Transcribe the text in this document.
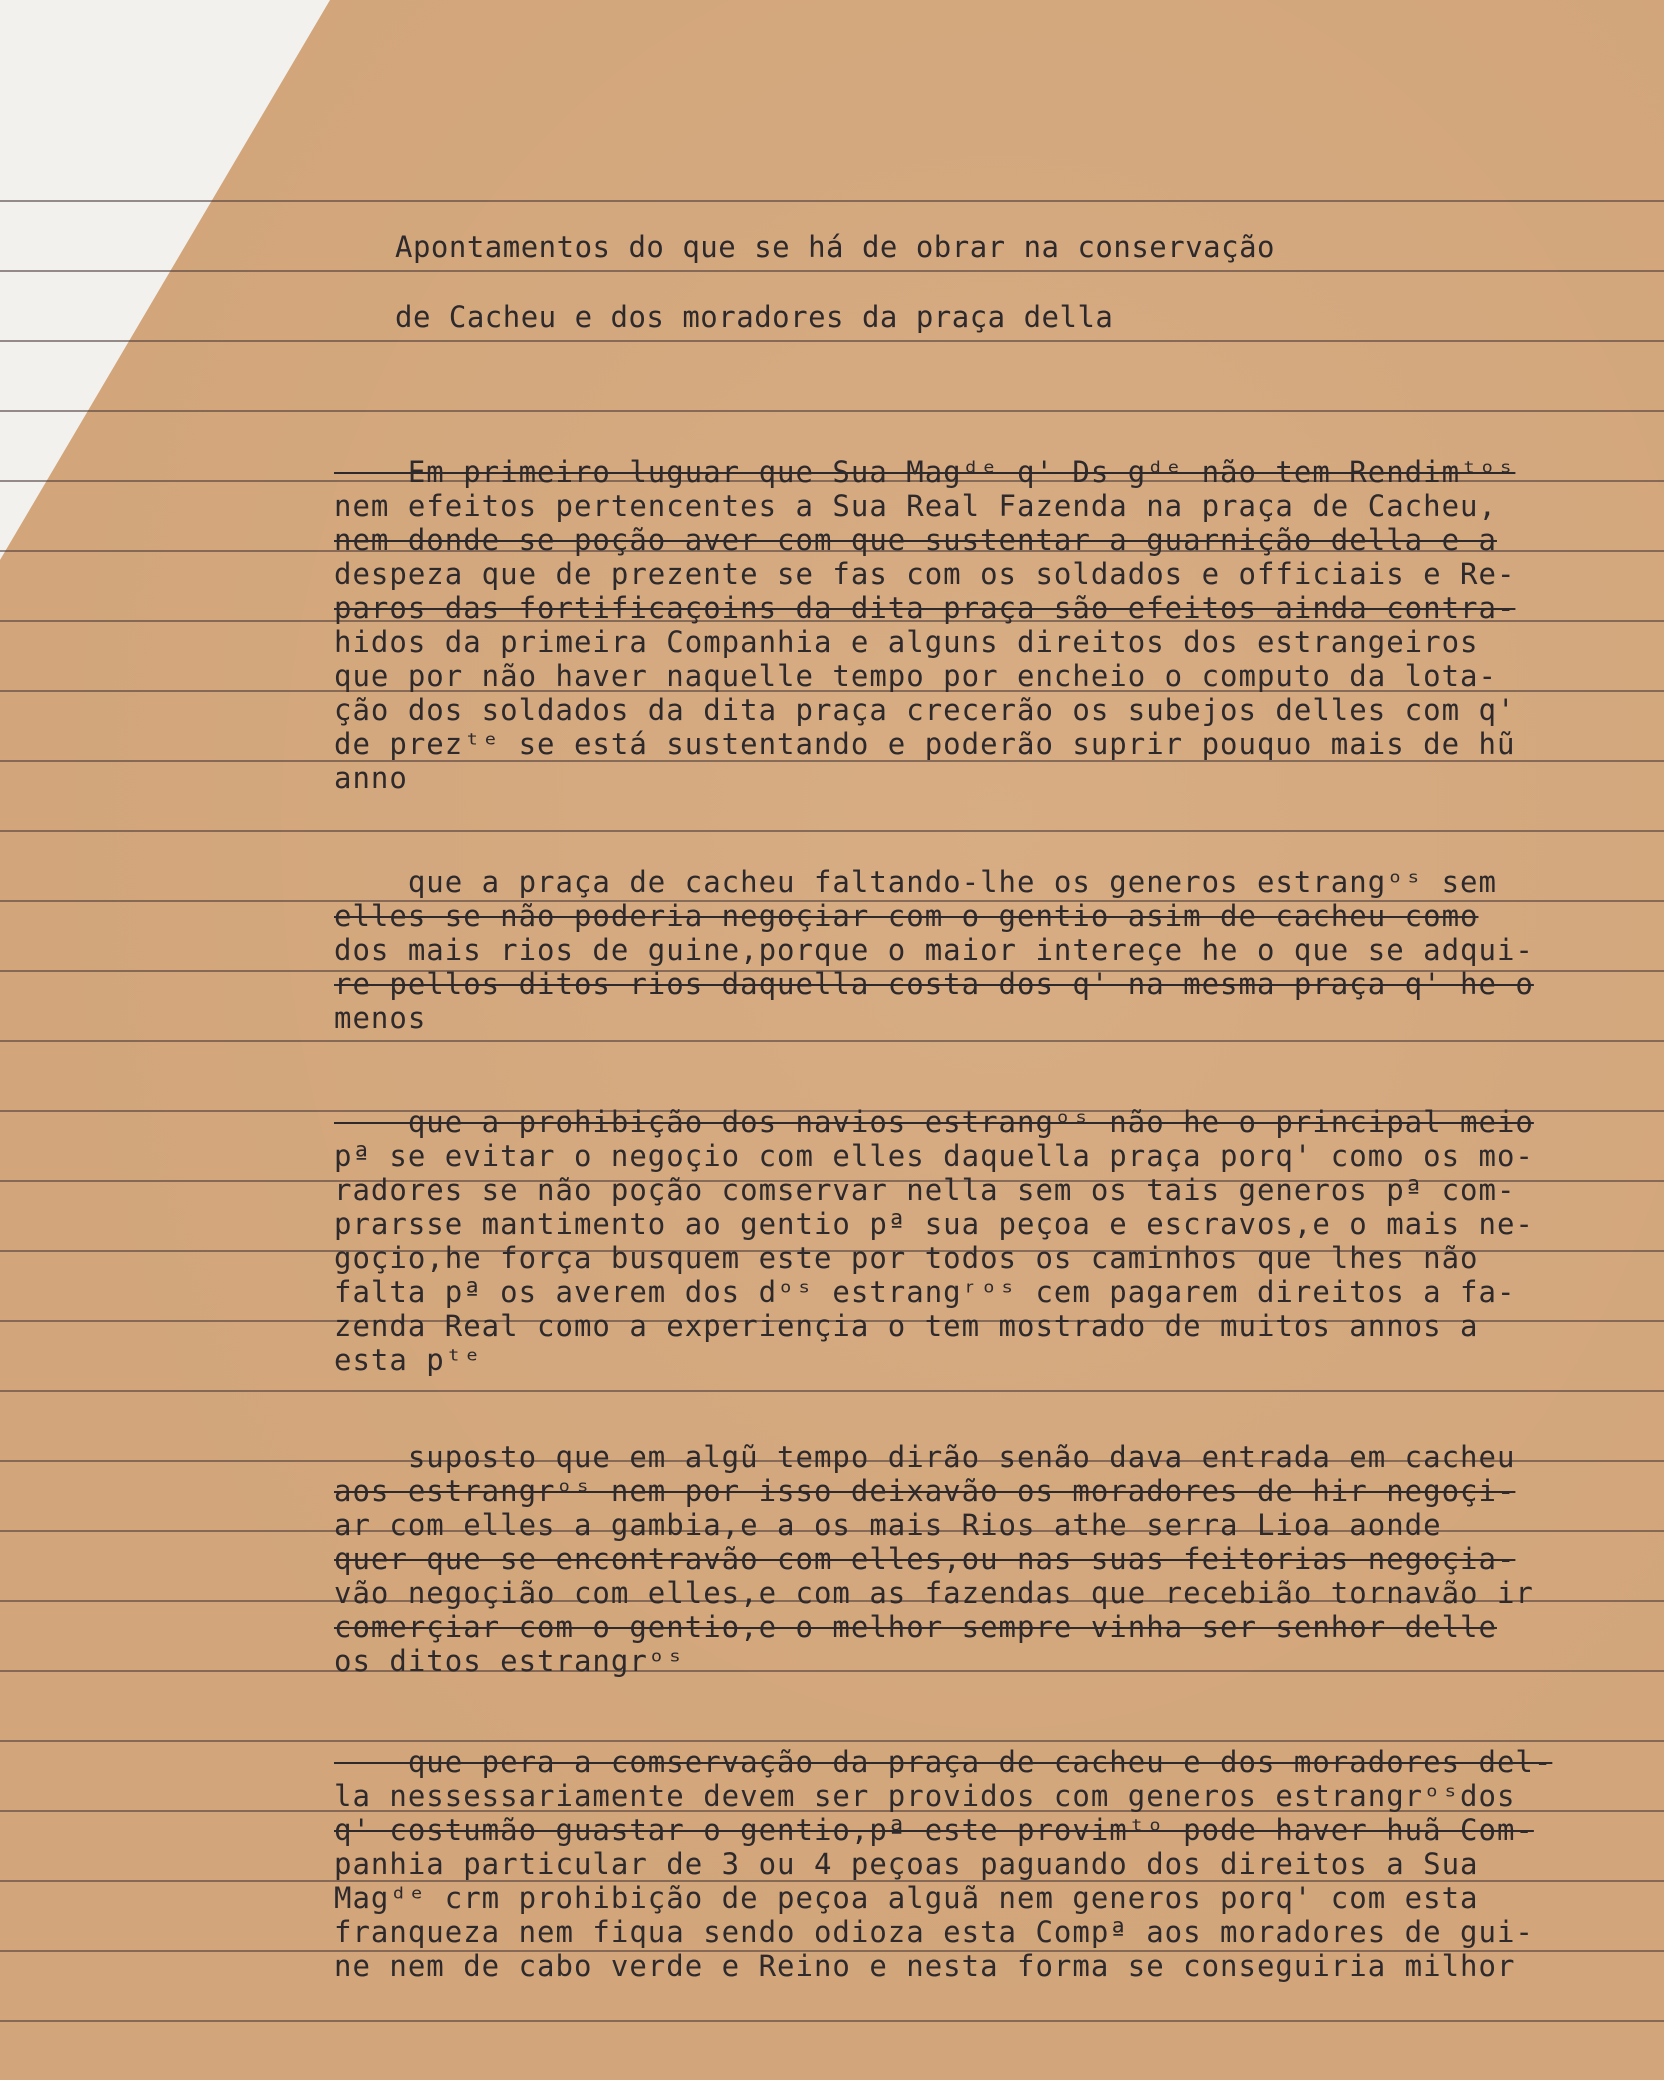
Apontamentos do que se há de obrar na conservação
de Cacheu e dos moradores da praça della
Em primeiro luguar que Sua Magᵈᵉ q' Ds gᵈᵉ não tem Rendimᵗᵒˢ
nem efeitos pertencentes a Sua Real Fazenda na praça de Cacheu,
nem donde se poção aver com que sustentar a guarnição della e a
despeza que de prezente se fas com os soldados e officiais e Re-
paros das fortificaçoins da dita praça são efeitos ainda contra-
hidos da primeira Companhia e alguns direitos dos estrangeiros
que por não haver naquelle tempo por encheio o computo da lota-
ção dos soldados da dita praça crecerão os subejos delles com q'
de prezᵗᵉ se está sustentando e poderão suprir pouquo mais de hũ
anno
que a praça de cacheu faltando-lhe os generos estrangᵒˢ sem
elles se não poderia negoçiar com o gentio asim de cacheu como
dos mais rios de guine,porque o maior intereçe he o que se adqui-
re pellos ditos rios daquella costa dos q' na mesma praça q' he o
menos
que a prohibição dos navios estrangᵒˢ não he o principal meio
pª se evitar o negoçio com elles daquella praça porq' como os mo-
radores se não poção comservar nella sem os tais generos pª com-
prarsse mantimento ao gentio pª sua peçoa e escravos,e o mais ne-
goçio,he força busquem este por todos os caminhos que lhes não
falta pª os averem dos dᵒˢ estrangʳᵒˢ cem pagarem direitos a fa-
zenda Real como a experiençia o tem mostrado de muitos annos a
esta pᵗᵉ
suposto que em algũ tempo dirão senão dava entrada em cacheu
aos estrangrᵒˢ nem por isso deixavão os moradores de hir negoçi-
ar com elles a gambia,e a os mais Rios athe serra Lioa aonde
quer que se encontravão com elles,ou nas suas feitorias negoçia-
vão negoçião com elles,e com as fazendas que recebião tornavão ir
comerçiar com o gentio,e o melhor sempre vinha ser senhor delle
os ditos estrangrᵒˢ
que pera a comservação da praça de cacheu e dos moradores del-
la nessessariamente devem ser providos com generos estrangrᵒˢdos
q' costumão guastar o gentio,pª este provimᵗᵒ pode haver huã Com-
panhia particular de 3 ou 4 peçoas paguando dos direitos a Sua
Magᵈᵉ crm prohibição de peçoa alguã nem generos porq' com esta
franqueza nem fiqua sendo odioza esta Compª aos moradores de gui-
ne nem de cabo verde e Reino e nesta forma se conseguiria milhor
